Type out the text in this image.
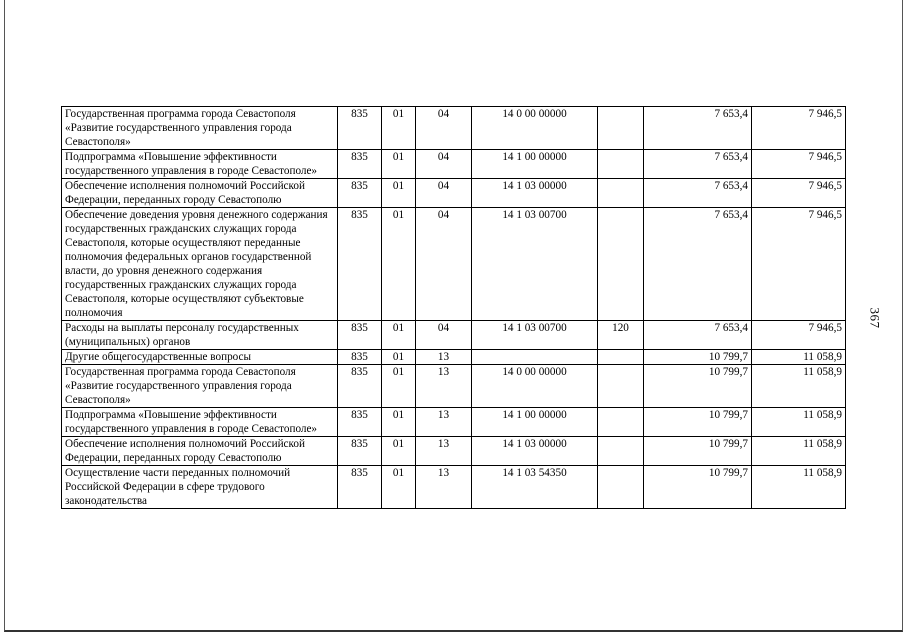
Государственная программа города Севастополя «Развитие государственного управления города Севастополя»	835	01	04	14 0 00 00000		7 653,4	7 946,5
Подпрограмма «Повышение эффективности государственного управления в городе Севастополе»	835	01	04	14 1 00 00000		7 653,4	7 946,5
Обеспечение исполнения полномочий Российской Федерации, переданных городу Севастополю	835	01	04	14 1 03 00000		7 653,4	7 946,5
Обеспечение доведения уровня денежного содержания государственных гражданских служащих города Севастополя, которые осуществляют переданные полномочия федеральных органов государственной власти, до уровня денежного содержания государственных гражданских служащих города Севастополя, которые осуществляют субъектовые полномочия	835	01	04	14 1 03 00700		7 653,4	7 946,5
Расходы на выплаты персоналу государственных (муниципальных) органов	835	01	04	14 1 03 00700	120	7 653,4	7 946,5
Другие общегосударственные вопросы	835	01	13			10 799,7	11 058,9
Государственная программа города Севастополя «Развитие государственного управления города Севастополя»	835	01	13	14 0 00 00000		10 799,7	11 058,9
Подпрограмма «Повышение эффективности государственного управления в городе Севастополе»	835	01	13	14 1 00 00000		10 799,7	11 058,9
Обеспечение исполнения полномочий Российской Федерации, переданных городу Севастополю	835	01	13	14 1 03 00000		10 799,7	11 058,9
Осуществление части переданных полномочий Российской Федерации в сфере трудового законодательства	835	01	13	14 1 03 54350		10 799,7	11 058,9
367
